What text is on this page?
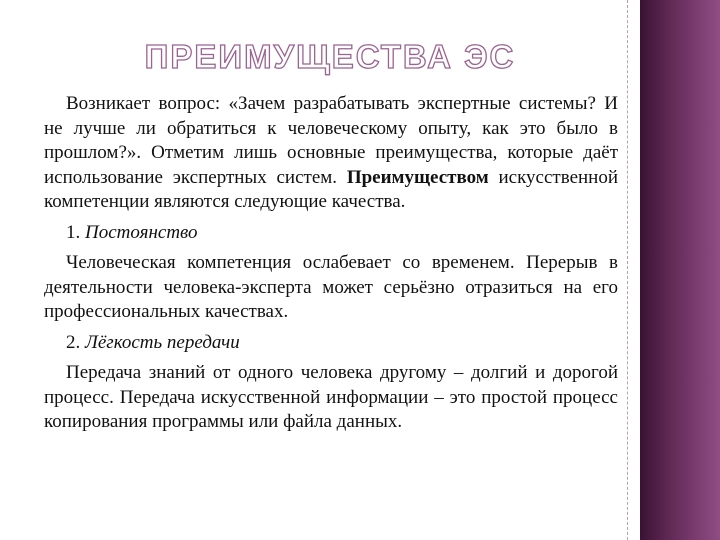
ПРЕИМУЩЕСТВА ЭС

Возникает вопрос: «Зачем разрабатывать экспертные системы? И не лучше ли обратиться к человеческому опыту, как это было в прошлом?». Отметим лишь основные преимущества, которые даёт использование экспертных систем. Преимуществом искусственной компетенции являются следующие качества.

1. Постоянство

Человеческая компетенция ослабевает со временем. Перерыв в деятельности человека-эксперта может серьёзно отразиться на его профессиональных качествах.

2. Лёгкость передачи

Передача знаний от одного человека другому – долгий и дорогой процесс. Передача искусственной информации – это простой процесс копирования программы или файла данных.
